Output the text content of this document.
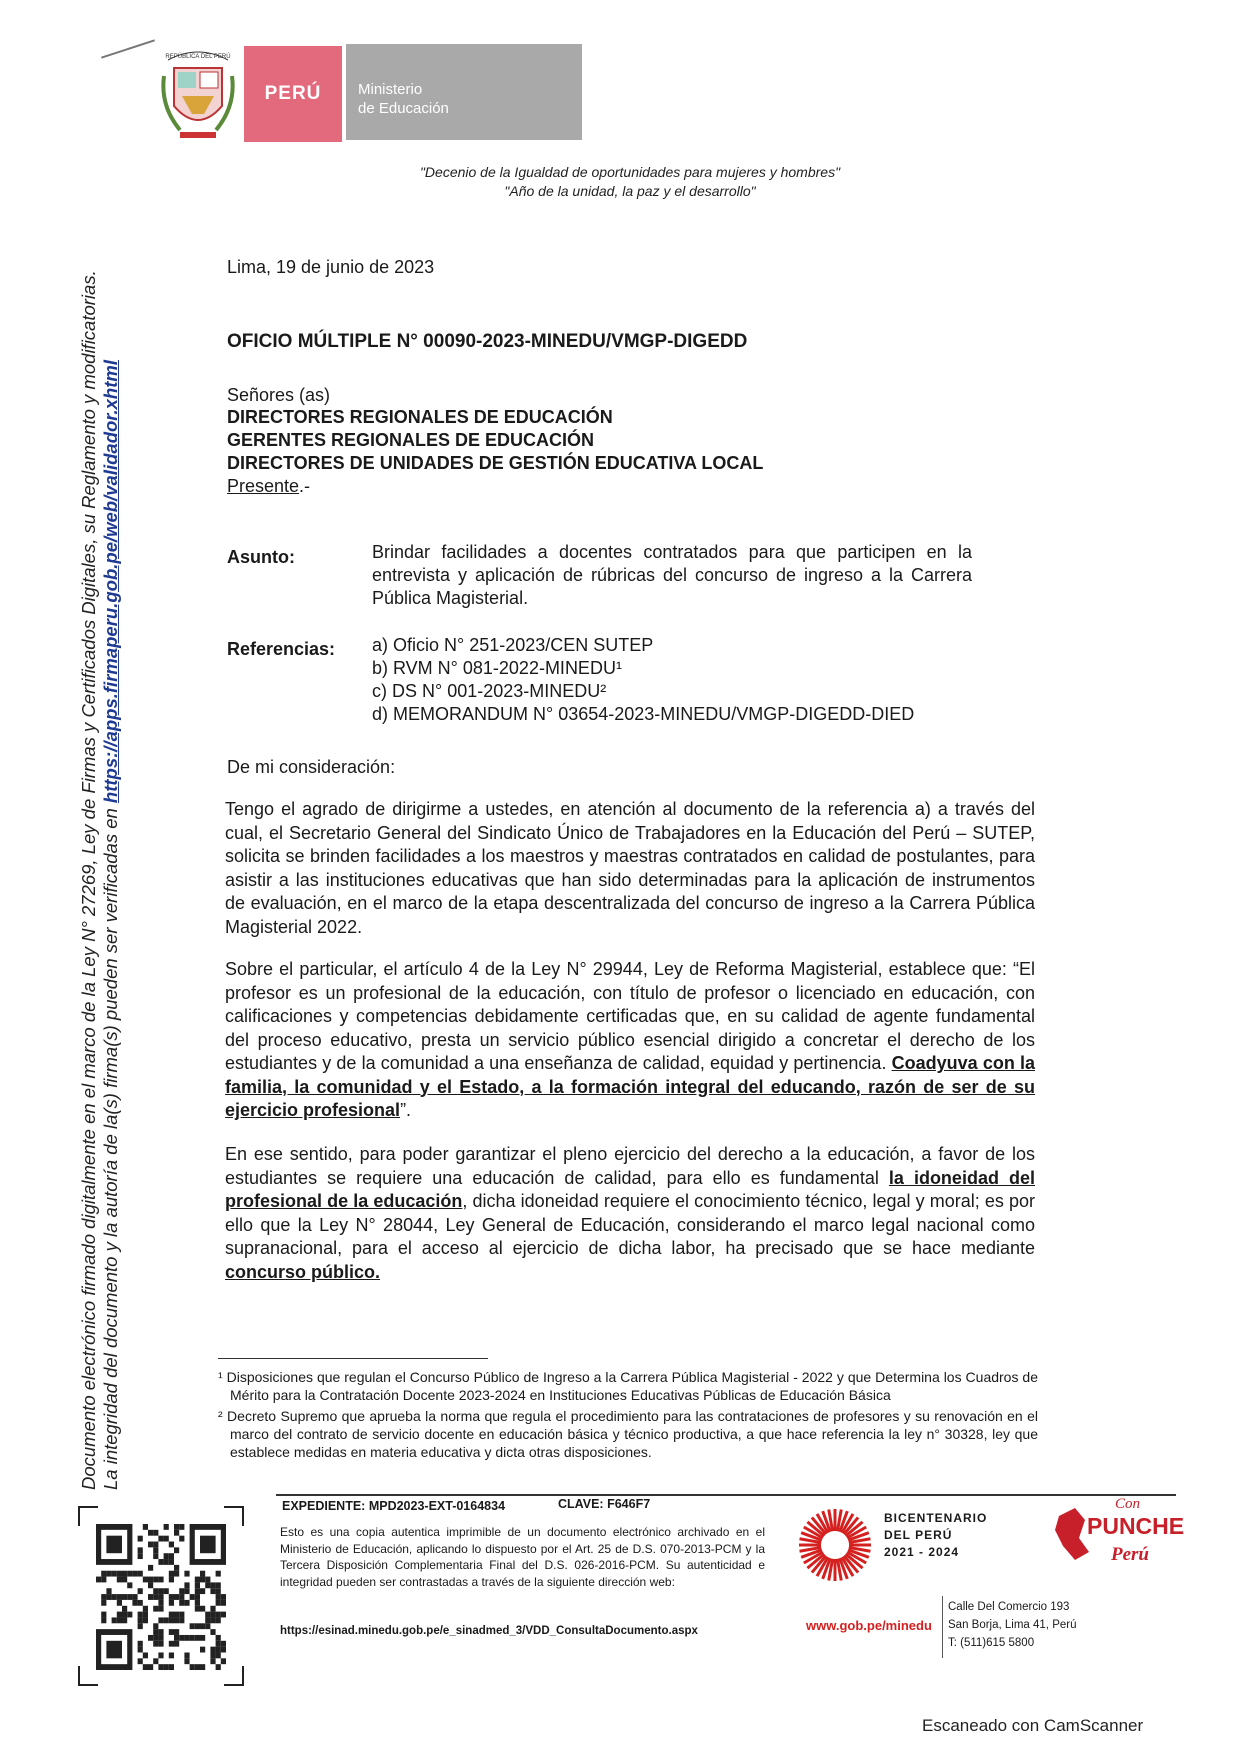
REPÚBLICA DEL PERÚ
PERÚ	Ministerio
de Educación
"Decenio de la Igualdad de oportunidades para mujeres y hombres"
"Año de la unidad, la paz y el desarrollo"
Documento electrónico firmado digitalmente en el marco de la Ley N° 27269, Ley de Firmas y Certificados Digitales, su Reglamento y modificatorias. La integridad del documento y la autoría de la(s) firma(s) pueden ser verificadas en https://apps.firmaperu.gob.pe/web/validador.xhtml
Lima, 19 de junio de 2023
OFICIO MÚLTIPLE N° 00090-2023-MINEDU/VMGP-DIGEDD
Señores (as)
DIRECTORES REGIONALES DE EDUCACIÓN
GERENTES REGIONALES DE EDUCACIÓN
DIRECTORES DE UNIDADES DE GESTIÓN EDUCATIVA LOCAL
Presente.-
Asunto:	Brindar facilidades a docentes contratados para que participen en la entrevista y aplicación de rúbricas del concurso de ingreso a la Carrera Pública Magisterial.
Referencias: a) Oficio N° 251-2023/CEN SUTEP
b) RVM N° 081-2022-MINEDU¹
c) DS N° 001-2023-MINEDU²
d) MEMORANDUM N° 03654-2023-MINEDU/VMGP-DIGEDD-DIED
De mi consideración:
Tengo el agrado de dirigirme a ustedes, en atención al documento de la referencia a) a través del cual, el Secretario General del Sindicato Único de Trabajadores en la Educación del Perú – SUTEP, solicita se brinden facilidades a los maestros y maestras contratados en calidad de postulantes, para asistir a las instituciones educativas que han sido determinadas para la aplicación de instrumentos de evaluación, en el marco de la etapa descentralizada del concurso de ingreso a la Carrera Pública Magisterial 2022.
Sobre el particular, el artículo 4 de la Ley N° 29944, Ley de Reforma Magisterial, establece que: “El profesor es un profesional de la educación, con título de profesor o licenciado en educación, con calificaciones y competencias debidamente certificadas que, en su calidad de agente fundamental del proceso educativo, presta un servicio público esencial dirigido a concretar el derecho de los estudiantes y de la comunidad a una enseñanza de calidad, equidad y pertinencia. Coadyuva con la familia, la comunidad y el Estado, a la formación integral del educando, razón de ser de su ejercicio profesional”.
En ese sentido, para poder garantizar el pleno ejercicio del derecho a la educación, a favor de los estudiantes se requiere una educación de calidad, para ello es fundamental la idoneidad del profesional de la educación, dicha idoneidad requiere el conocimiento técnico, legal y moral; es por ello que la Ley N° 28044, Ley General de Educación, considerando el marco legal nacional como supranacional, para el acceso al ejercicio de dicha labor, ha precisado que se hace mediante concurso público.

¹ Disposiciones que regulan el Concurso Público de Ingreso a la Carrera Pública Magisterial - 2022 y que Determina los Cuadros de Mérito para la Contratación Docente 2023-2024 en Instituciones Educativas Públicas de Educación Básica

² Decreto Supremo que aprueba la norma que regula el procedimiento para las contrataciones de profesores y su renovación en el marco del contrato de servicio docente en educación básica y técnico productiva, a que hace referencia la ley n° 30328, ley que establece medidas en materia educativa y dicta otras disposiciones.

EXPEDIENTE: MPD2023-EXT-0164834	CLAVE: F646F7
Esto es una copia autentica imprimible de un documento electrónico archivado en el Ministerio de Educación, aplicando lo dispuesto por el Art. 25 de D.S. 070-2013-PCM y la Tercera Disposición Complementaria Final del D.S. 026-2016-PCM. Su autenticidad e integridad pueden ser contrastadas a través de la siguiente dirección web:
https://esinad.minedu.gob.pe/e_sinadmed_3/VDD_ConsultaDocumento.aspx
BICENTENARIO
DEL PERÚ
2021 - 2024
www.gob.pe/minedu
Calle Del Comercio 193
San Borja, Lima 41, Perú
T: (511)615 5800
Con
PUNCHE
Perú
Escaneado con CamScanner
